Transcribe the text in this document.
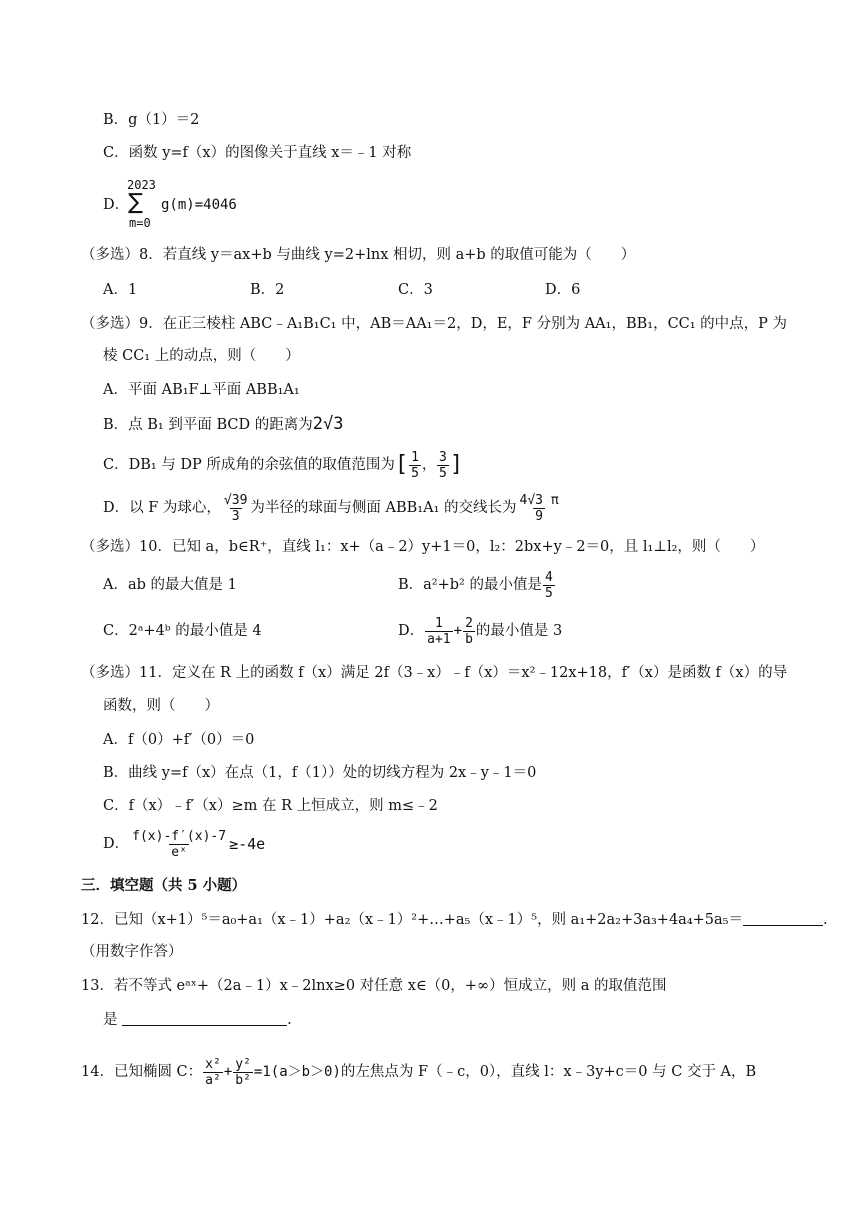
B．g（1）＝2
C．函数 y=f（x）的图像关于直线 x＝﹣1 对称
D．
2023
∑
m=0
g(m)=4046
（多选）8．若直线 y＝ax+b 与曲线 y=2+lnx 相切，则 a+b 的取值可能为（　　）
A．1	B．2	C．3	D．6
（多选）9．在正三棱柱 ABC﹣A₁B₁C₁ 中，AB＝AA₁＝2，D，E，F 分别为 AA₁，BB₁，CC₁ 的中点，P 为
棱 CC₁ 上的动点，则（　　）
A．平面 AB₁F⊥平面 ABB₁A₁
B．点 B₁ 到平面 BCD 的距离为2√3
C． DB₁ 与 DP 所成角的余弦值的取值范围为 [ $\frac{1}{5}$ ， $\frac{3}{5}$ ]
D． 以 F 为球心， $\frac{√39}{3}$ 为半径的球面与侧面 ABB₁A₁ 的交线长为 $\frac{4√3 \pi}{9}$
（多选）10．已知 a，b∈R⁺，直线 l₁：x+（a﹣2）y+1＝0，l₂：2bx+y﹣2＝0，且 l₁⊥l₂，则（　　）
A．ab 的最大值是 1	B． a²+b² 的最小值是 $\frac{4}{5}$
C．2ᵃ+4ᵇ 的最小值是 4	D． $\frac{1}{a+1} + \frac{2}{b}$ 的最小值是 3
（多选）11．定义在 R 上的函数 f（x）满足 2f（3﹣x）﹣f（x）＝x²﹣12x+18，f′（x）是函数 f（x）的导
函数，则（　　）
A．f（0）+f′（0）＝0
B．曲线 y=f（x）在点（1，f（1））处的切线方程为 2x﹣y﹣1＝0
C．f（x）﹣f′（x）≥m 在 R 上恒成立，则 m≤﹣2
D． $\frac{f(x)-f'(x)-7}{\text{eˣ}} \ge-4e$
三．填空题（共 5 小题）
12．已知（x+1）⁵＝a₀+a₁（x﹣1）+a₂（x﹣1）²+…+a₅（x﹣1）⁵，则 a₁+2a₂+3a₃+4a₄+5a₅＝	.
（用数字作答）
13．若不等式 eᵃˣ+（2a﹣1）x﹣2lnx≥0 对任意 x∈（0，+∞）恒成立，则 a 的取值范围
是	.
14．已知椭圆 C： $\frac{\text{x²}}{\text{a²}} + \frac{\text{y²}}{\text{b²}} =1(a>b>0)$ 的左焦点为 F（﹣c，0），直线 l：x﹣3y+c＝0 与 C 交于 A，B
